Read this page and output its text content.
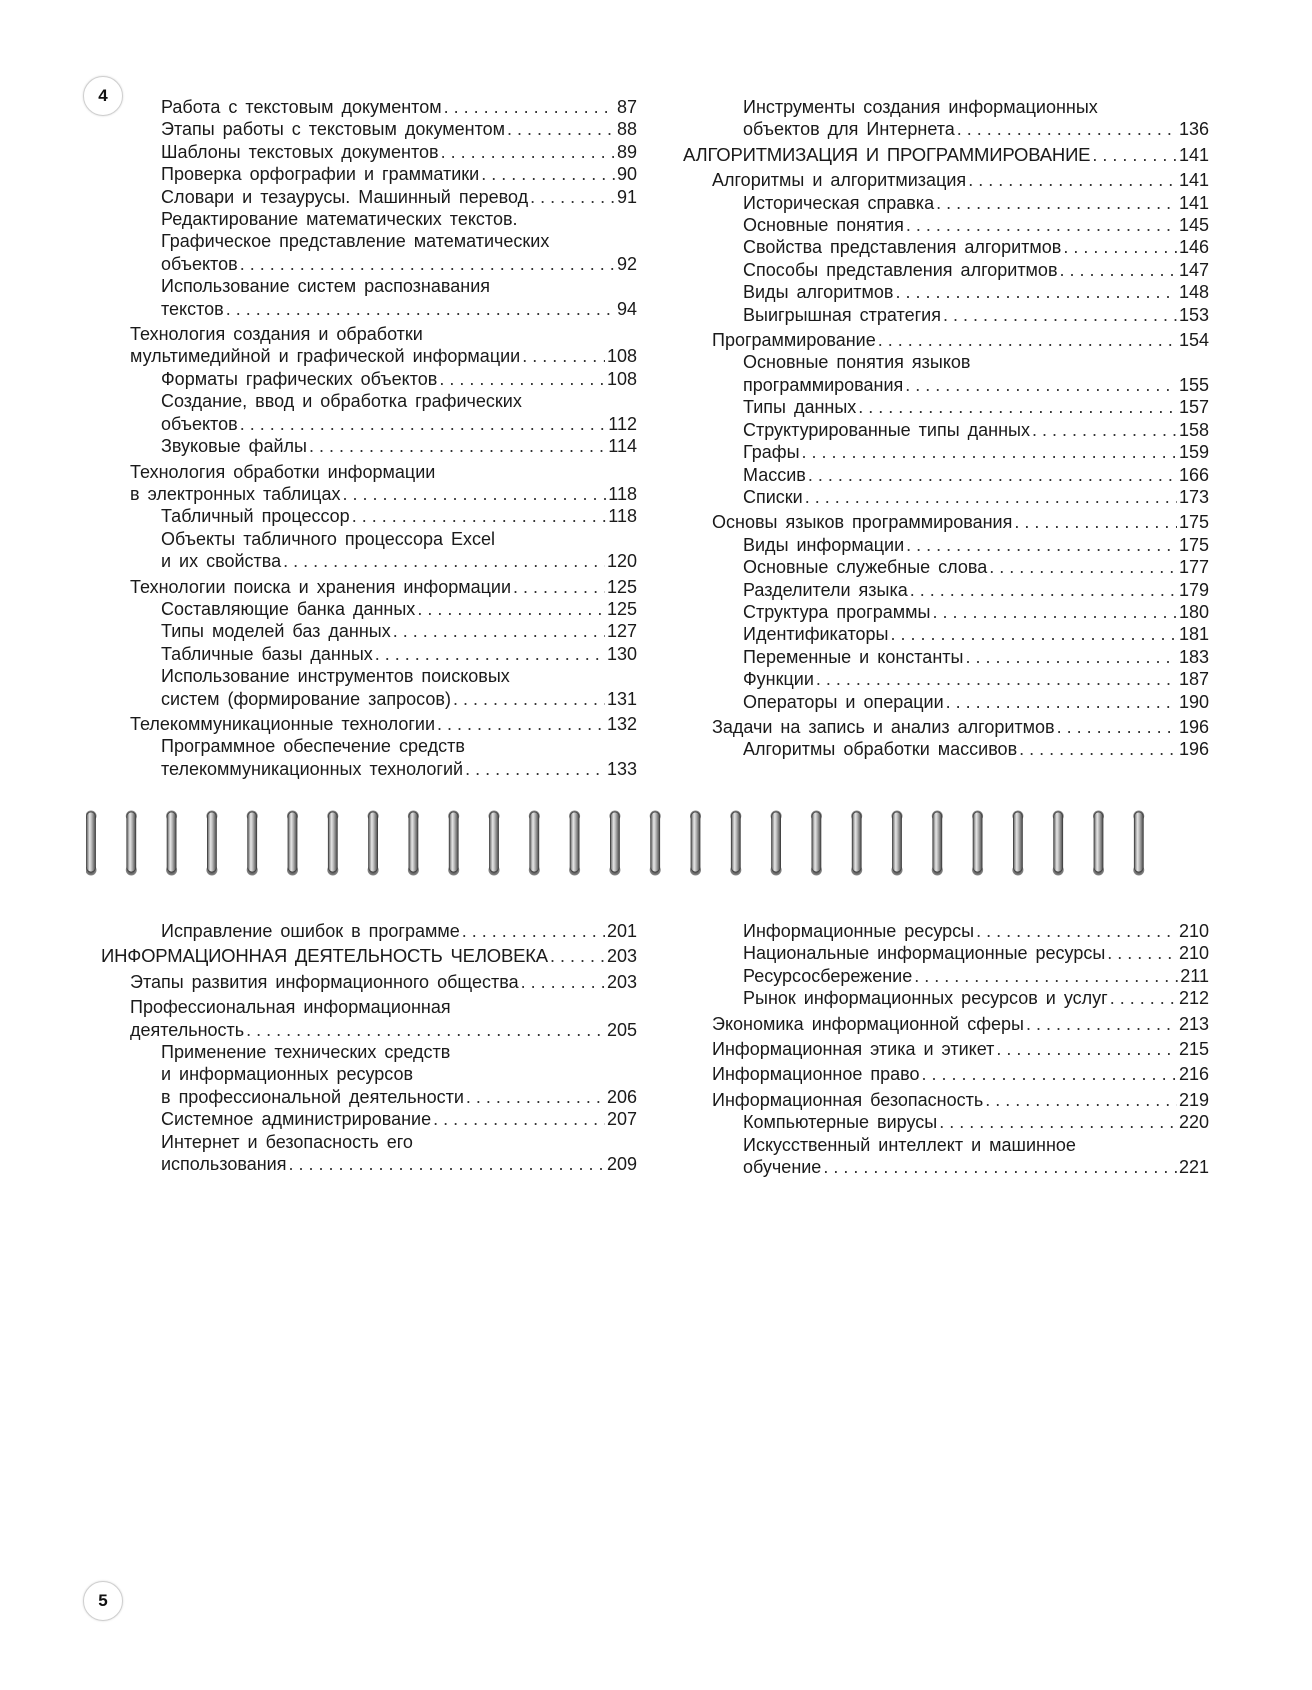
4
Работа с текстовым документом . . .	87
Этапы работы с текстовым документом . . .	88
Шаблоны текстовых документов . . .	89
Проверка орфографии и грамматики . . .	90
Словари и тезаурусы. Машинный перевод . . .	91
Редактирование математических текстов.
Графическое представление математических
объектов . . .	92
Использование систем распознавания
текстов . . .	94
Технология создания и обработки
мультимедийной и графической информации . . .	108
Форматы графических объектов . . .	108
Создание, ввод и обработка графических
объектов . . .	112
Звуковые файлы . . .	114
Технология обработки информации
в электронных таблицах . . .	118
Табличный процессор . . .	118
Объекты табличного процессора Excel
и их свойства . . .	120
Технологии поиска и хранения информации . . .	125
Составляющие банка данных . . .	125
Типы моделей баз данных . . .	127
Табличные базы данных . . .	130
Использование инструментов поисковых
систем (формирование запросов) . . .	131
Телекоммуникационные технологии . . .	132
Программное обеспечение средств
телекоммуникационных технологий . . .	133
Инструменты создания информационных
объектов для Интернета . . .	136
АЛГОРИТМИЗАЦИЯ И ПРОГРАММИРОВАНИЕ . . .	141
Алгоритмы и алгоритмизация . . .	141
Историческая справка . . .	141
Основные понятия . . .	145
Свойства представления алгоритмов . . .	146
Способы представления алгоритмов . . .	147
Виды алгоритмов . . .	148
Выигрышная стратегия . . .	153
Программирование . . .	154
Основные понятия языков
программирования . . .	155
Типы данных . . .	157
Структурированные типы данных . . .	158
Графы . . .	159
Массив . . .	166
Списки . . .	173
Основы языков программирования . . .	175
Виды информации . . .	175
Основные служебные слова . . .	177
Разделители языка . . .	179
Структура программы . . .	180
Идентификаторы . . .	181
Переменные и константы . . .	183
Функции . . .	187
Операторы и операции . . .	190
Задачи на запись и анализ алгоритмов . . .	196
Алгоритмы обработки массивов . . .	196
Исправление ошибок в программе . . .	201
ИНФОРМАЦИОННАЯ ДЕЯТЕЛЬНОСТЬ ЧЕЛОВЕКА . . .	203
Этапы развития информационного общества . . .	203
Профессиональная информационная
деятельность . . .	205
Применение технических средств
и информационных ресурсов
в профессиональной деятельности . . .	206
Системное администрирование . . .	207
Интернет и безопасность его
использования . . .	209
Информационные ресурсы . . .	210
Национальные информационные ресурсы . . .	210
Ресурсосбережение . . .	211
Рынок информационных ресурсов и услуг . . .	212
Экономика информационной сферы . . .	213
Информационная этика и этикет . . .	215
Информационное право . . .	216
Информационная безопасность . . .	219
Компьютерные вирусы . . .	220
Искусственный интеллект и машинное
обучение . . .	221
5
